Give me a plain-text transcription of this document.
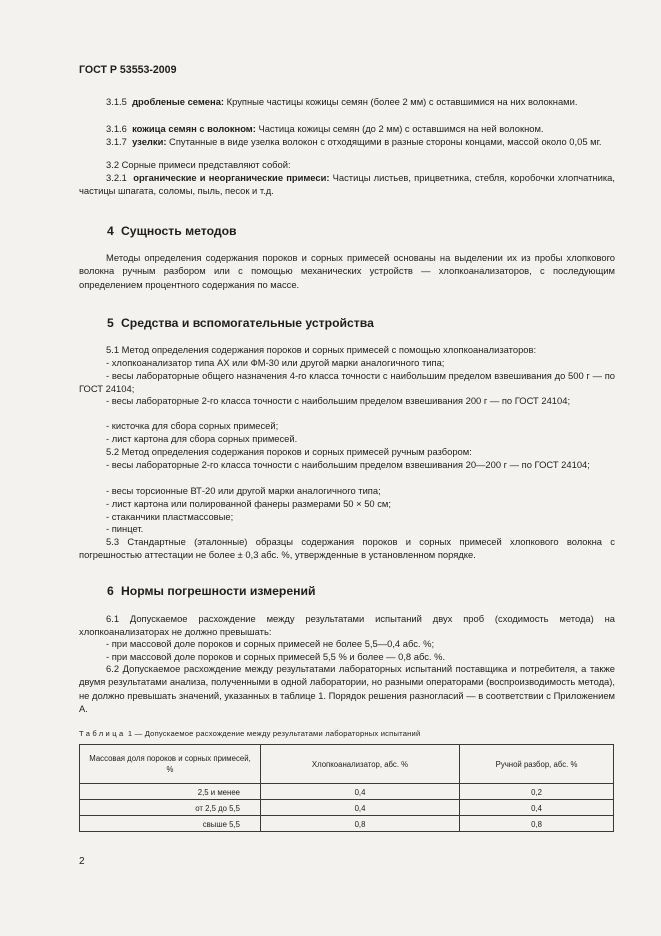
ГОСТ Р 53553-2009

3.1.5 дробленые семена: Крупные частицы кожицы семян (более 2 мм) с оставшимися на них волокнами.

3.1.6 кожица семян с волокном: Частица кожицы семян (до 2 мм) с оставшимся на ней волокном.

3.1.7 узелки: Спутанные в виде узелка волокон с отходящими в разные стороны концами, массой около 0,05 мг.

3.2 Сорные примеси представляют собой:

3.2.1 органические и неорганические примеси: Частицы листьев, прицветника, стебля, коробочки хлопчатника, частицы шпагата, соломы, пыль, песок и т.д.

4 Сущность методов

Методы определения содержания пороков и сорных примесей основаны на выделении их из пробы хлопкового волокна ручным разбором или с помощью механических устройств — хлопкоанализаторов, с последующим определением процентного содержания по массе.

5 Средства и вспомогательные устройства

5.1 Метод определения содержания пороков и сорных примесей с помощью хлопкоанализаторов:

- хлопкоанализатор типа АХ или ФМ-30 или другой марки аналогичного типа;

- весы лабораторные общего назначения 4-го класса точности с наибольшим пределом взвешивания до 500 г — по ГОСТ 24104;

- весы лабораторные 2-го класса точности с наибольшим пределом взвешивания 200 г — по ГОСТ 24104;

- кисточка для сбора сорных примесей;

- лист картона для сбора сорных примесей.

5.2 Метод определения содержания пороков и сорных примесей ручным разбором:

- весы лабораторные 2-го класса точности с наибольшим пределом взвешивания 20—200 г — по ГОСТ 24104;

- весы торсионные ВТ-20 или другой марки аналогичного типа;

- лист картона или полированной фанеры размерами 50 × 50 см;

- стаканчики пластмассовые;

- пинцет.

5.3 Стандартные (эталонные) образцы содержания пороков и сорных примесей хлопкового волокна с погрешностью аттестации не более ± 0,3 абс. %, утвержденные в установленном порядке.

6 Нормы погрешности измерений

6.1 Допускаемое расхождение между результатами испытаний двух проб (сходимость метода) на хлопкоанализаторах не должно превышать:

- при массовой доле пороков и сорных примесей не более 5,5—0,4 абс. %;

- при массовой доле пороков и сорных примесей 5,5 % и более — 0,8 абс. %.

6.2 Допускаемое расхождение между результатами лабораторных испытаний поставщика и потребителя, а также двумя результатами анализа, полученными в одной лаборатории, но разными операторами (воспроизводимость метода), не должно превышать значений, указанных в таблице 1. Порядок решения разногласий — в соответствии с Приложением А.

Таблица 1 — Допускаемое расхождение между результатами лабораторных испытаний
Массовая доля пороков и сорных примесей, %	Хлопкоанализатор, абс. %	Ручной разбор, абс. %
2,5 и менее	0,4	0,2
от 2,5 до 5,5	0,4	0,4
свыше 5,5	0,8	0,8
2
